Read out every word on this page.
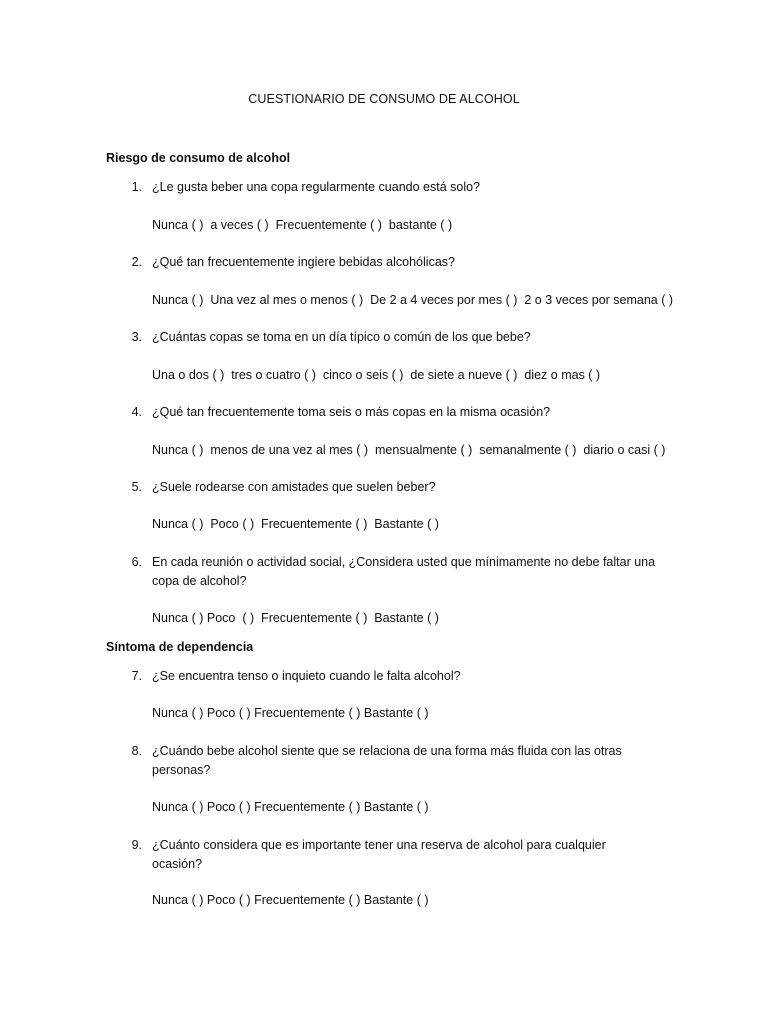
CUESTIONARIO DE CONSUMO DE ALCOHOL
Riesgo de consumo de alcohol
1. ¿Le gusta beber una copa regularmente cuando está solo?
Nunca ( )  a veces ( )  Frecuentemente ( )  bastante ( )
2. ¿Qué tan frecuentemente ingiere bebidas alcohólicas?
Nunca ( )  Una vez al mes o menos ( )  De 2 a 4 veces por mes ( )  2 o 3 veces por semana ( )
3. ¿Cuántas copas se toma en un día típico o común de los que bebe?
Una o dos ( )  tres o cuatro ( )  cinco o seis ( )  de siete a nueve ( )  diez o mas ( )
4. ¿Qué tan frecuentemente toma seis o más copas en la misma ocasión?
Nunca ( )  menos de una vez al mes ( )  mensualmente ( )  semanalmente ( )  diario o casi ( )
5. ¿Suele rodearse con amistades que suelen beber?
Nunca ( )  Poco ( )  Frecuentemente ( )  Bastante ( )
6. En cada reunión o actividad social, ¿Considera usted que mínimamente no debe faltar una copa de alcohol?
Nunca ( ) Poco  ( )  Frecuentemente ( )  Bastante ( )
Síntoma de dependencia
7. ¿Se encuentra tenso o inquieto cuando le falta alcohol?
Nunca ( ) Poco ( ) Frecuentemente ( ) Bastante ( )
8. ¿Cuándo bebe alcohol siente que se relaciona de una forma más fluida con las otras personas?
Nunca ( ) Poco ( ) Frecuentemente ( ) Bastante ( )
9. ¿Cuánto considera que es importante tener una reserva de alcohol para cualquier ocasión?
Nunca ( ) Poco ( ) Frecuentemente ( ) Bastante ( )
